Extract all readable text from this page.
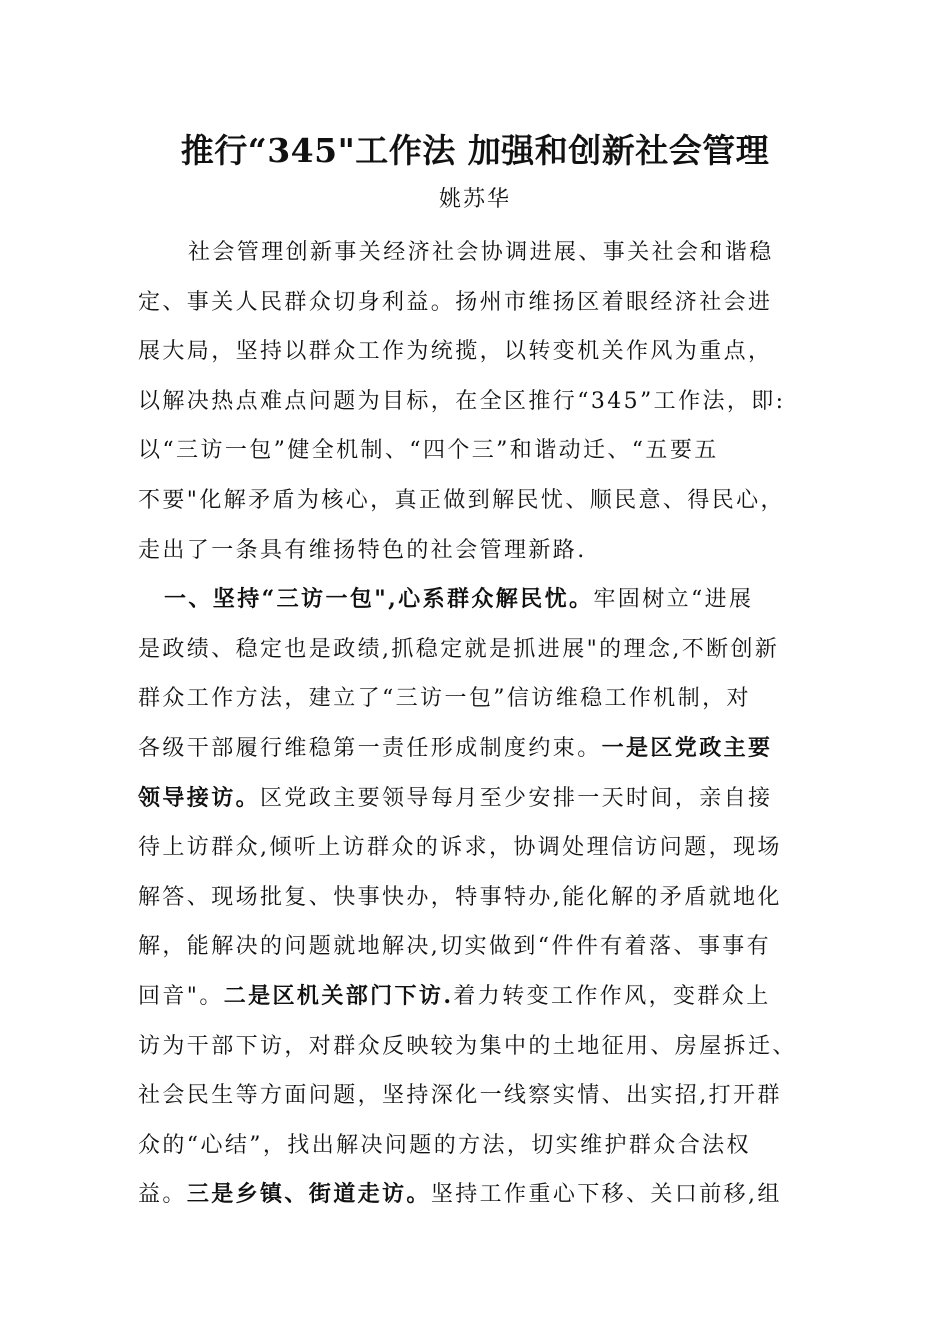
推行“345"工作法 加强和创新社会管理
姚苏华
社会管理创新事关经济社会协调进展、事关社会和谐稳
定、事关人民群众切身利益。扬州市维扬区着眼经济社会进
展大局，坚持以群众工作为统揽，以转变机关作风为重点，
以解决热点难点问题为目标，在全区推行“345”工作法，即:
以“三访一包”健全机制、“四个三”和谐动迁、“五要五
不要"化解矛盾为核心，真正做到解民忧、顺民意、得民心，
走出了一条具有维扬特色的社会管理新路.
一、坚持“三访一包",心系群众解民忧。牢固树立“进展
是政绩、稳定也是政绩,抓稳定就是抓进展"的理念,不断创新
群众工作方法，建立了“三访一包”信访维稳工作机制，对
各级干部履行维稳第一责任形成制度约束。一是区党政主要
领导接访。区党政主要领导每月至少安排一天时间，亲自接
待上访群众,倾听上访群众的诉求，协调处理信访问题，现场
解答、现场批复、快事快办，特事特办,能化解的矛盾就地化
解，能解决的问题就地解决,切实做到“件件有着落、事事有
回音"。二是区机关部门下访.着力转变工作作风，变群众上
访为干部下访，对群众反映较为集中的土地征用、房屋拆迁、
社会民生等方面问题，坚持深化一线察实情、出实招,打开群
众的“心结”，找出解决问题的方法，切实维护群众合法权
益。三是乡镇、街道走访。坚持工作重心下移、关口前移,组
